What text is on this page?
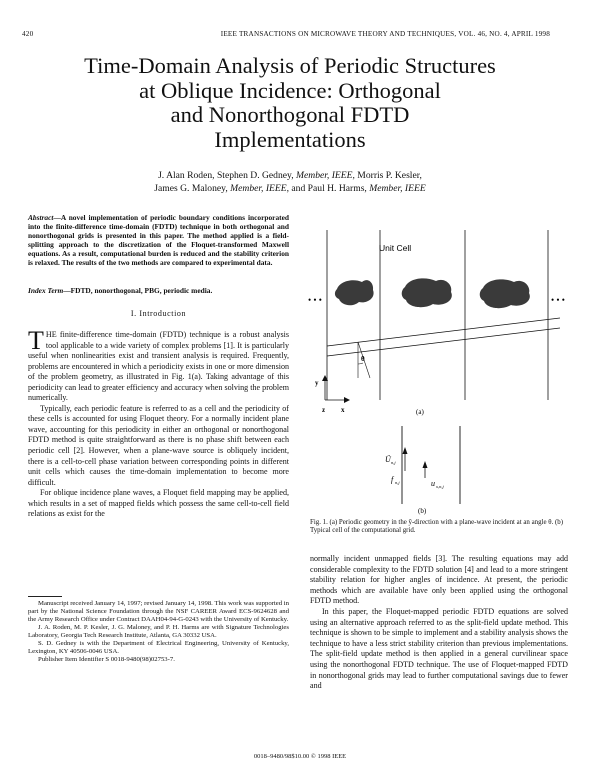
420	IEEE TRANSACTIONS ON MICROWAVE THEORY AND TECHNIQUES, VOL. 46, NO. 4, APRIL 1998
Time-Domain Analysis of Periodic Structures
at Oblique Incidence: Orthogonal
and Nonorthogonal FDTD
Implementations
J. Alan Roden, Stephen D. Gedney, Member, IEEE, Morris P. Kesler,
James G. Maloney, Member, IEEE, and Paul H. Harms, Member, IEEE
Abstract—A novel implementation of periodic boundary conditions incorporated into the finite-difference time-domain (FDTD) technique in both orthogonal and nonorthogonal grids is presented in this paper. The method applied is a field-splitting approach to the discretization of the Floquet-transformed Maxwell equations. As a result, computational burden is reduced and the stability criterion is relaxed. The results of the two methods are compared to experimental data.
Index Term—FDTD, nonorthogonal, PBG, periodic media.
I. Introduction

THE finite-difference time-domain (FDTD) technique is a robust analysis tool applicable to a wide variety of complex problems [1]. It is particularly useful when nonlinearities exist and transient analysis is required. Frequently, problems are encountered in which a periodicity exists in one or more dimension of the problem geometry, as illustrated in Fig. 1(a). Taking advantage of this periodicity can lead to greater efficiency and accuracy when solving the problem numerically.

Typically, each periodic feature is referred to as a cell and the periodicity of these cells is accounted for using Floquet theory. For a normally incident plane wave, accounting for this periodicity in either an orthogonal or nonorthogonal FDTD method is quite straightforward as there is no phase shift between each periodic cell [2]. However, when a plane-wave source is obliquely incident, there is a cell-to-cell phase variation between corresponding points in different unit cells which causes the time-domain implementation to become more difficult.

For oblique incidence plane waves, a Floquet field mapping may be applied, which results in a set of mapped fields which possess the same cell-to-cell field relations as exist for the

Manuscript received January 14, 1997; revised January 14, 1998. This work was supported in part by the National Science Foundation through the NSF CAREER Award ECS-9624628 and the Army Research Office under Contract DAAH04-94-G-0243 with the University of Kentucky.

J. A. Roden, M. P. Kesler, J. G. Maloney, and P. H. Harms are with Signature Technologies Laboratory, Georgia Tech Research Institute, Atlanta, GA 30332 USA.

S. D. Gedney is with the Department of Electrical Engineering, University of Kentucky, Lexington, KY 40506-0046 USA.

Publisher Item Identifier S 0018-9480(98)02753-7.

Unit Cell
• • •	• • •
θ
y
x
z	(a)
Ü n,j
f n,j	u x,n,j
(b)
Fig. 1. (a) Periodic geometry in the ŷ-direction with a plane-wave incident at an angle θ. (b) Typical cell of the computational grid.

normally incident unmapped fields [3]. The resulting equations may add considerable complexity to the FDTD solution [4] and lead to a more stringent stability relation for higher angles of incidence. At present, the periodic methods which are available have only been applied using the orthogonal FDTD method.

In this paper, the Floquet-mapped periodic FDTD equations are solved using an alternative approach referred to as the split-field update method. This technique is shown to be simple to implement and a stability analysis shows the technique to have a less strict stability criterion than previous implementations. The split-field update method is then applied in a general curvilinear space using the nonorthogonal FDTD technique. The use of Floquet-mapped FDTD in nonorthogonal grids may lead to further computational savings due to fewer and

0018–9480/98$10.00 © 1998 IEEE
